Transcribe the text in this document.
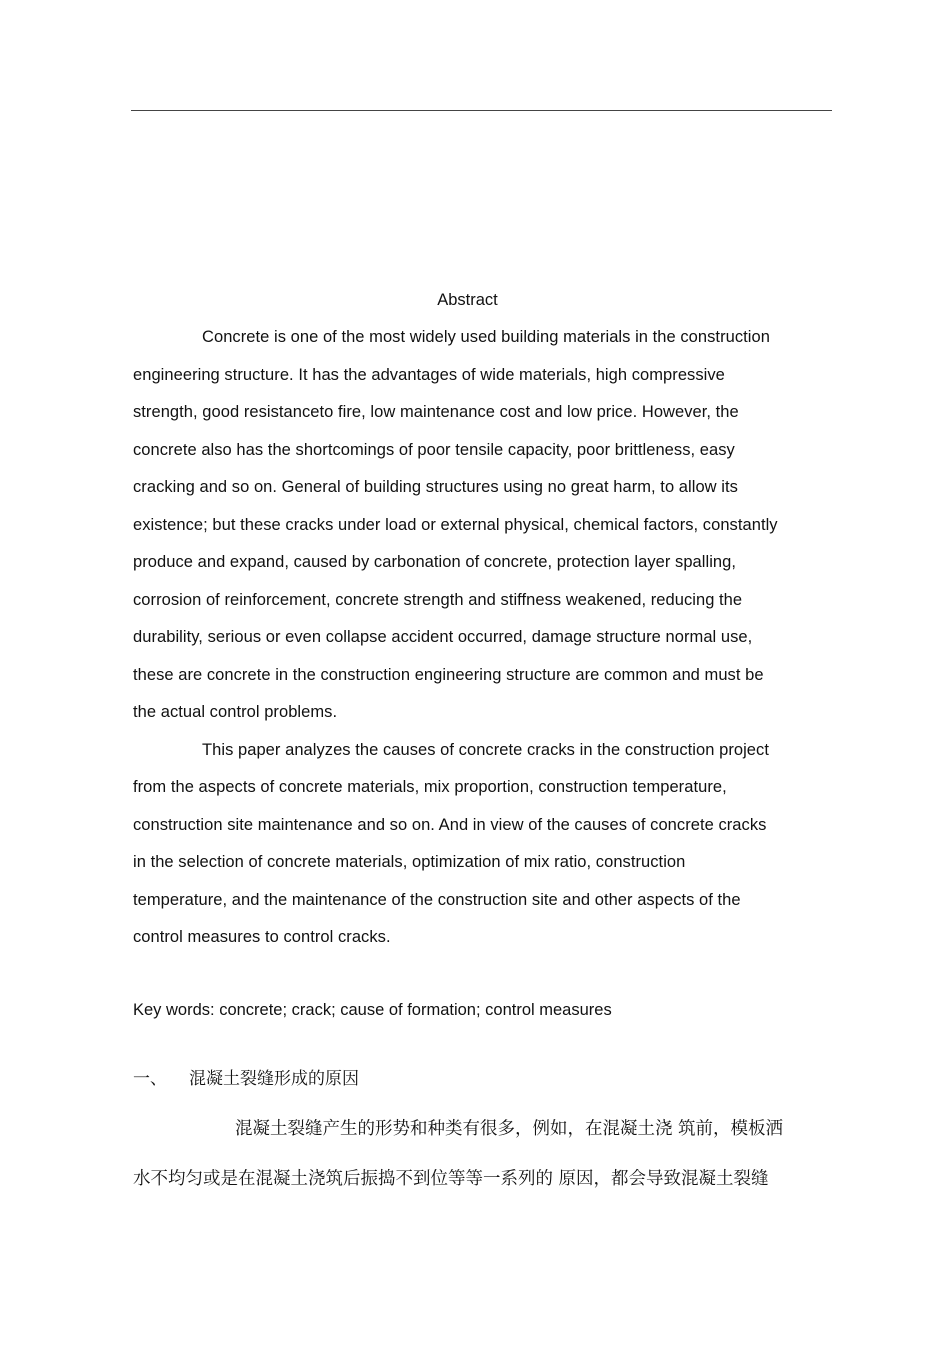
Abstract

Concrete is one of the most widely used building materials in the construction
engineering structure. It has the advantages of wide materials, high compressive
strength, good resistanceto fire, low maintenance cost and low price. However, the
concrete also has the shortcomings of poor tensile capacity, poor brittleness, easy
cracking and so on. General of building structures using no great harm, to allow its
existence; but these cracks under load or external physical, chemical factors, constantly
produce and expand, caused by carbonation of concrete, protection layer spalling,
corrosion of reinforcement, concrete strength and stiffness weakened, reducing the
durability, serious or even collapse accident occurred, damage structure normal use,
these are concrete in the construction engineering structure are common and must be
the actual control problems.

This paper analyzes the causes of concrete cracks in the construction project
from the aspects of concrete materials, mix proportion, construction temperature,
construction site maintenance and so on. And in view of the causes of concrete cracks
in the selection of concrete materials, optimization of mix ratio, construction
temperature, and the maintenance of the construction site and other aspects of the
control measures to control cracks.

Key words: concrete; crack; cause of formation; control measures
一、 混凝土裂缝形成的原因
混凝土裂缝产生的形势和种类有很多，例如，在混凝土浇 筑前，模板洒
水不均匀或是在混凝土浇筑后振捣不到位等等一系列的 原因，都会导致混凝土裂缝
